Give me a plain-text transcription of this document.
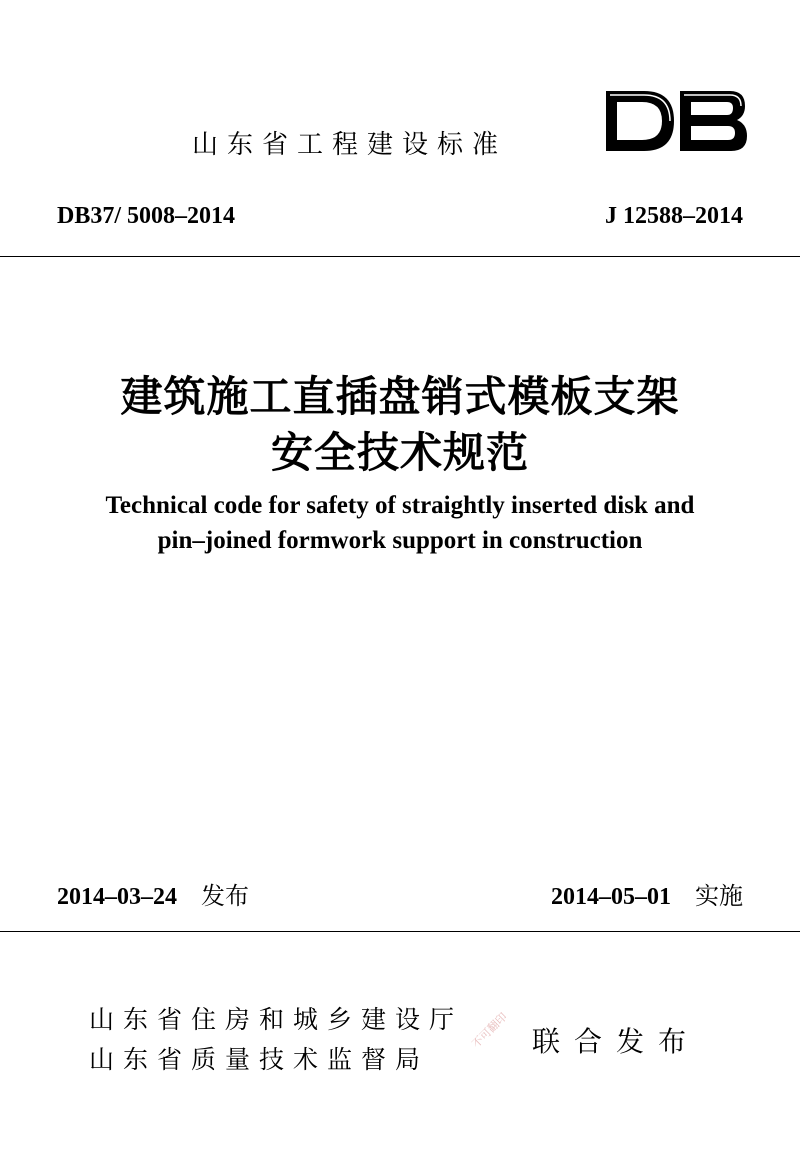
山东省工程建设标准
DB37/ 5008–2014	J 12588–2014
建筑施工直插盘销式模板支架
安全技术规范
Technical code for safety of straightly inserted disk and
pin–joined formwork support in construction
2014–03–24 发布	2014–05–01 实施
山东省住房和城乡建设厅
山东省质量技术监督局
联合发布
不可翻印
